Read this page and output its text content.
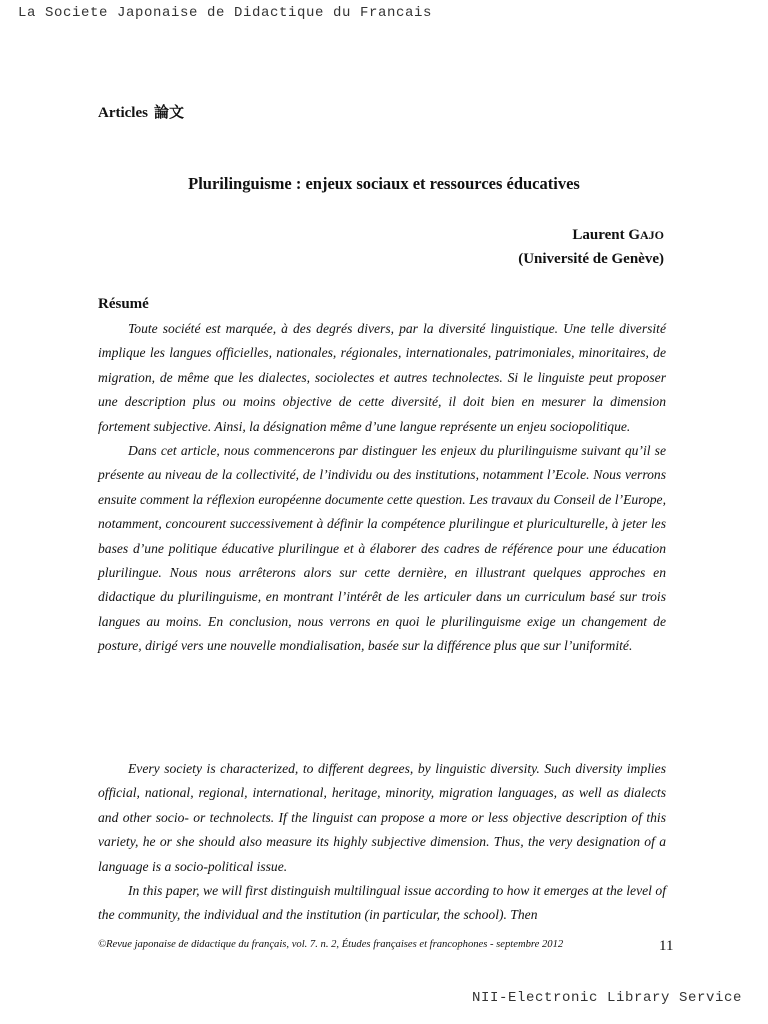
La Societe Japonaise de Didactique du Francais
Articles 論文
Plurilinguisme : enjeux sociaux et ressources éducatives
Laurent GAJO
(Université de Genève)
Résumé

Toute société est marquée, à des degrés divers, par la diversité linguistique. Une telle diversité implique les langues officielles, nationales, régionales, internationales, patrimoniales, minoritaires, de migration, de même que les dialectes, sociolectes et autres technolectes. Si le linguiste peut proposer une description plus ou moins objective de cette diversité, il doit bien en mesurer la dimension fortement subjective. Ainsi, la désignation même d’une langue représente un enjeu sociopolitique.

Dans cet article, nous commencerons par distinguer les enjeux du plurilinguisme suivant qu’il se présente au niveau de la collectivité, de l’individu ou des institutions, notamment l’Ecole. Nous verrons ensuite comment la réflexion européenne documente cette question. Les travaux du Conseil de l’Europe, notamment, concourent successivement à définir la compétence plurilingue et pluriculturelle, à jeter les bases d’une politique éducative plurilingue et à élaborer des cadres de référence pour une éducation plurilingue. Nous nous arrêterons alors sur cette dernière, en illustrant quelques approches en didactique du plurilinguisme, en montrant l’intérêt de les articuler dans un curriculum basé sur trois langues au moins. En conclusion, nous verrons en quoi le plurilinguisme exige un changement de posture, dirigé vers une nouvelle mondialisation, basée sur la différence plus que sur l’uniformité.

Every society is characterized, to different degrees, by linguistic diversity. Such diversity implies official, national, regional, international, heritage, minority, migration languages, as well as dialects and other socio- or technolects. If the linguist can propose a more or less objective description of this variety, he or she should also measure its highly subjective dimension. Thus, the very designation of a language is a socio-political issue.

In this paper, we will first distinguish multilingual issue according to how it emerges at the level of the community, the individual and the institution (in particular, the school). Then

©Revue japonaise de didactique du français, vol. 7. n. 2, Études françaises et francophones - septembre 2012	11
NII-Electronic Library Service
